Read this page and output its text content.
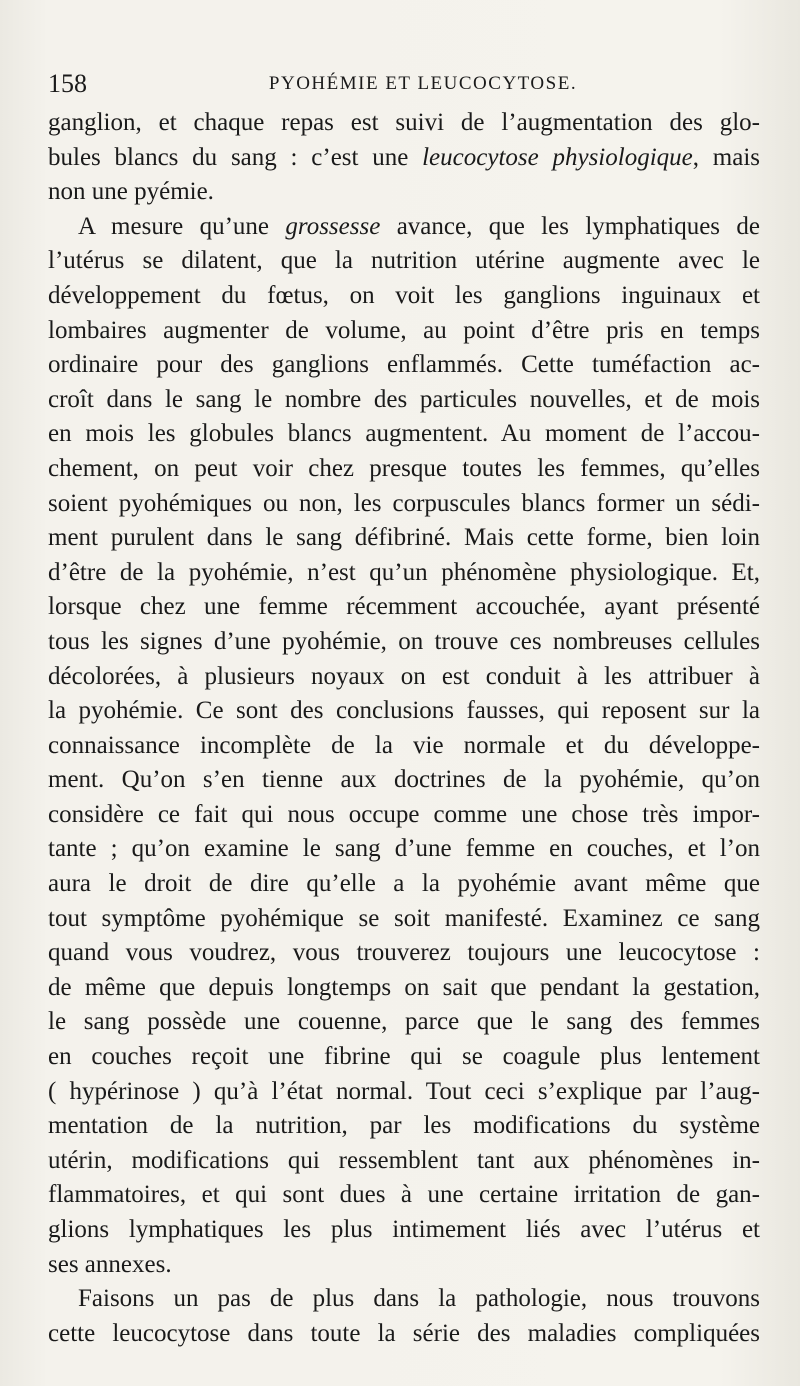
158	PYOHÉMIE ET LEUCOCYTOSE.
ganglion, et chaque repas est suivi de l’augmentation des glo-
bules blancs du sang : c’est une leucocytose physiologique, mais
non une pyémie.
A mesure qu’une grossesse avance, que les lymphatiques de
l’utérus se dilatent, que la nutrition utérine augmente avec le
développement du fœtus, on voit les ganglions inguinaux et
lombaires augmenter de volume, au point d’être pris en temps
ordinaire pour des ganglions enflammés. Cette tuméfaction ac-
croît dans le sang le nombre des particules nouvelles, et de mois
en mois les globules blancs augmentent. Au moment de l’accou-
chement, on peut voir chez presque toutes les femmes, qu’elles
soient pyohémiques ou non, les corpuscules blancs former un sédi-
ment purulent dans le sang défibriné. Mais cette forme, bien loin
d’être de la pyohémie, n’est qu’un phénomène physiologique. Et,
lorsque chez une femme récemment accouchée, ayant présenté
tous les signes d’une pyohémie, on trouve ces nombreuses cellules
décolorées, à plusieurs noyaux on est conduit à les attribuer à
la pyohémie. Ce sont des conclusions fausses, qui reposent sur la
connaissance incomplète de la vie normale et du développe-
ment. Qu’on s’en tienne aux doctrines de la pyohémie, qu’on
considère ce fait qui nous occupe comme une chose très impor-
tante ; qu’on examine le sang d’une femme en couches, et l’on
aura le droit de dire qu’elle a la pyohémie avant même que
tout symptôme pyohémique se soit manifesté. Examinez ce sang
quand vous voudrez, vous trouverez toujours une leucocytose :
de même que depuis longtemps on sait que pendant la gestation,
le sang possède une couenne, parce que le sang des femmes
en couches reçoit une fibrine qui se coagule plus lentement
( hypérinose ) qu’à l’état normal. Tout ceci s’explique par l’aug-
mentation de la nutrition, par les modifications du système
utérin, modifications qui ressemblent tant aux phénomènes in-
flammatoires, et qui sont dues à une certaine irritation de gan-
glions lymphatiques les plus intimement liés avec l’utérus et
ses annexes.
Faisons un pas de plus dans la pathologie, nous trouvons
cette leucocytose dans toute la série des maladies compliquées
